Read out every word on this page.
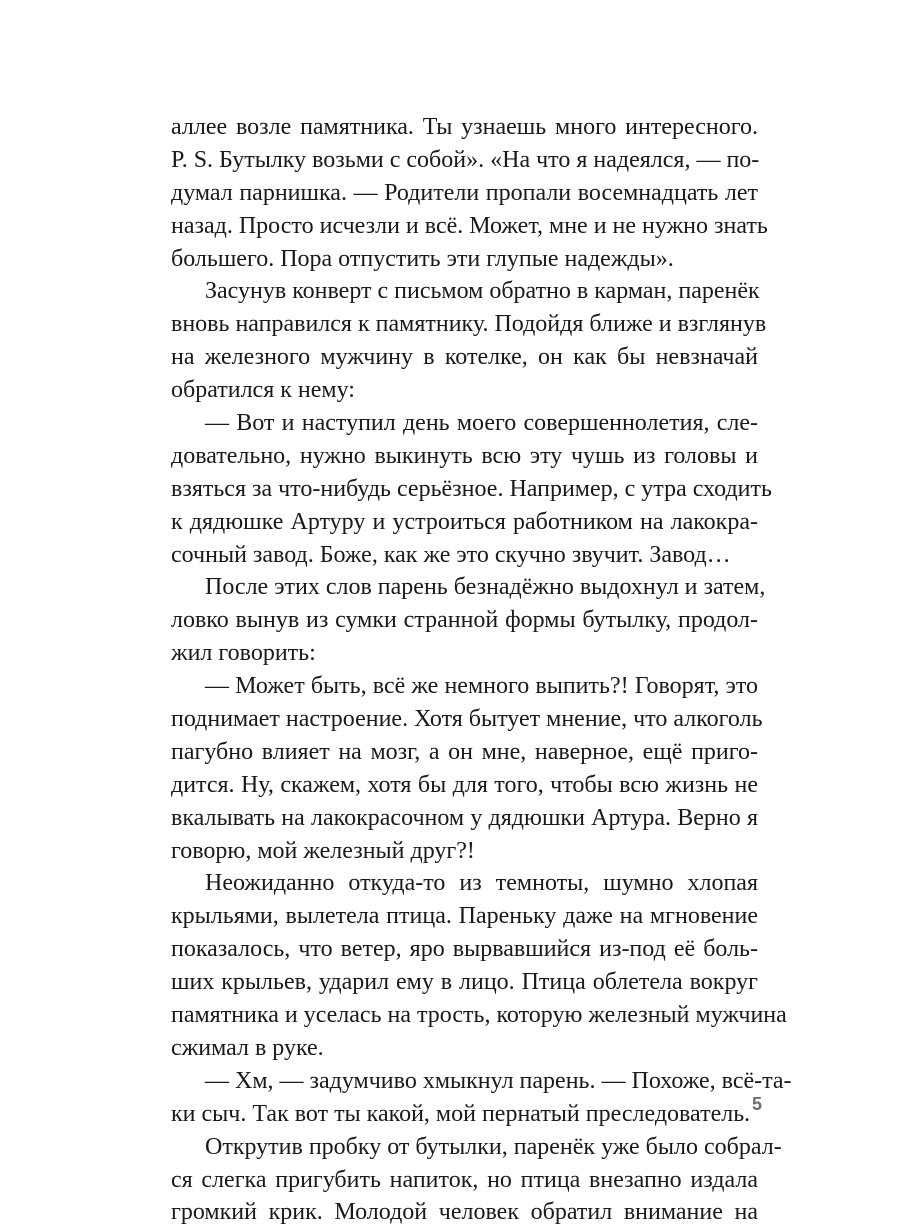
аллее возле памятника. Ты узнаешь много интересного.
P. S. Бутылку возьми с собой». «На что я надеялся, — по-
думал парнишка. — Родители пропали восемнадцать лет
назад. Просто исчезли и всё. Может, мне и не нужно знать
большего. Пора отпустить эти глупые надежды».
Засунув конверт с письмом обратно в карман, паренёк
вновь направился к памятнику. Подойдя ближе и взглянув
на железного мужчину в котелке, он как бы невзначай
обратился к нему:
— Вот и наступил день моего совершеннолетия, сле-
довательно, нужно выкинуть всю эту чушь из головы и
взяться за что-нибудь серьёзное. Например, с утра сходить
к дядюшке Артуру и устроиться работником на лакокра-
сочный завод. Боже, как же это скучно звучит. Завод…
После этих слов парень безнадёжно выдохнул и затем,
ловко вынув из сумки странной формы бутылку, продол-
жил говорить:
— Может быть, всё же немного выпить?! Говорят, это
поднимает настроение. Хотя бытует мнение, что алкоголь
пагубно влияет на мозг, а он мне, наверное, ещё приго-
дится. Ну, скажем, хотя бы для того, чтобы всю жизнь не
вкалывать на лакокрасочном у дядюшки Артура. Верно я
говорю, мой железный друг?!
Неожиданно откуда-то из темноты, шумно хлопая
крыльями, вылетела птица. Пареньку даже на мгновение
показалось, что ветер, яро вырвавшийся из-под её боль-
ших крыльев, ударил ему в лицо. Птица облетела вокруг
памятника и уселась на трость, которую железный мужчина
сжимал в руке.
— Хм, — задумчиво хмыкнул парень. — Похоже, всё-та-
ки сыч. Так вот ты какой, мой пернатый преследователь.
Открутив пробку от бутылки, паренёк уже было собрал-
ся слегка пригубить напиток, но птица внезапно издала
громкий крик. Молодой человек обратил внимание на
5
